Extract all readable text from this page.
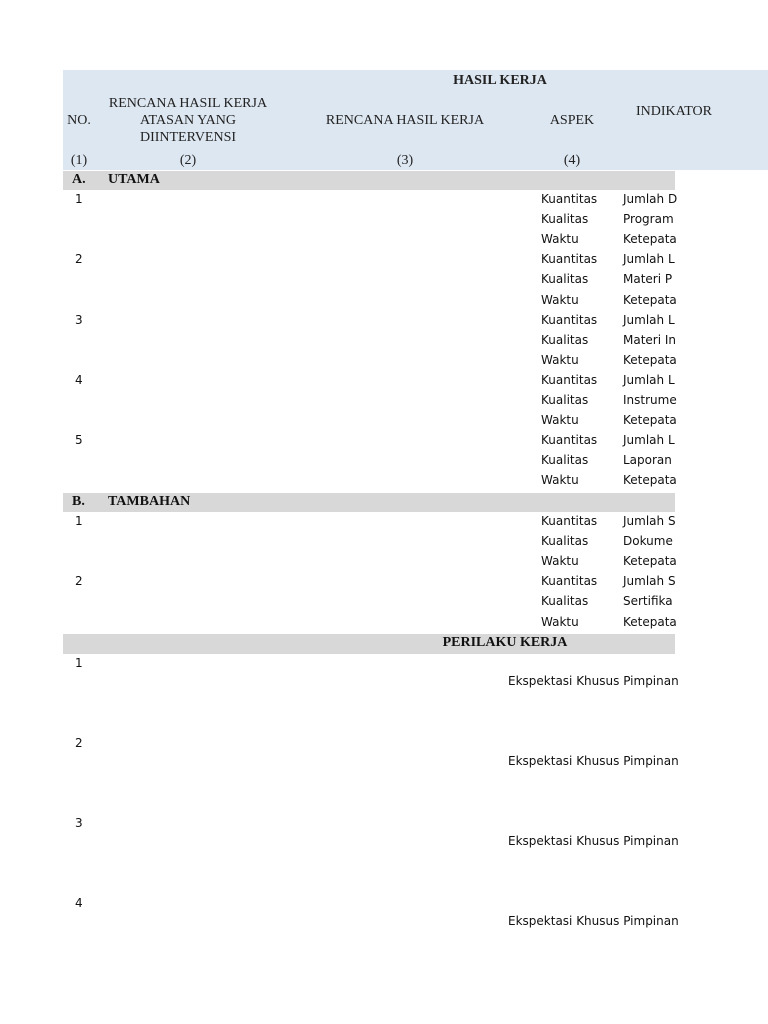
HASIL KERJA
NO.
RENCANA HASIL KERJA ATASAN YANG DIINTERVENSI
RENCANA HASIL KERJA	ASPEK
INDIKATOR
(1)	(2)	(3)	(4)
A. UTAMA
1	Kuantitas	Jumlah D
Kualitas	Program
Waktu	Ketepata
2	Kuantitas	Jumlah L
Kualitas	Materi P
Waktu	Ketepata
3	Kuantitas	Jumlah L
Kualitas	Materi In
Waktu	Ketepata
4	Kuantitas	Jumlah L
Kualitas	Instrume
Waktu	Ketepata
5	Kuantitas	Jumlah L
Kualitas	Laporan
Waktu	Ketepata
B. TAMBAHAN
1	Kuantitas	Jumlah S
Kualitas	Dokume
Waktu	Ketepata
2	Kuantitas	Jumlah S
Kualitas	Sertifika
Waktu	Ketepata
PERILAKU KERJA
1
Ekspektasi Khusus Pimpinan
2
Ekspektasi Khusus Pimpinan
3
Ekspektasi Khusus Pimpinan
4
Ekspektasi Khusus Pimpinan
